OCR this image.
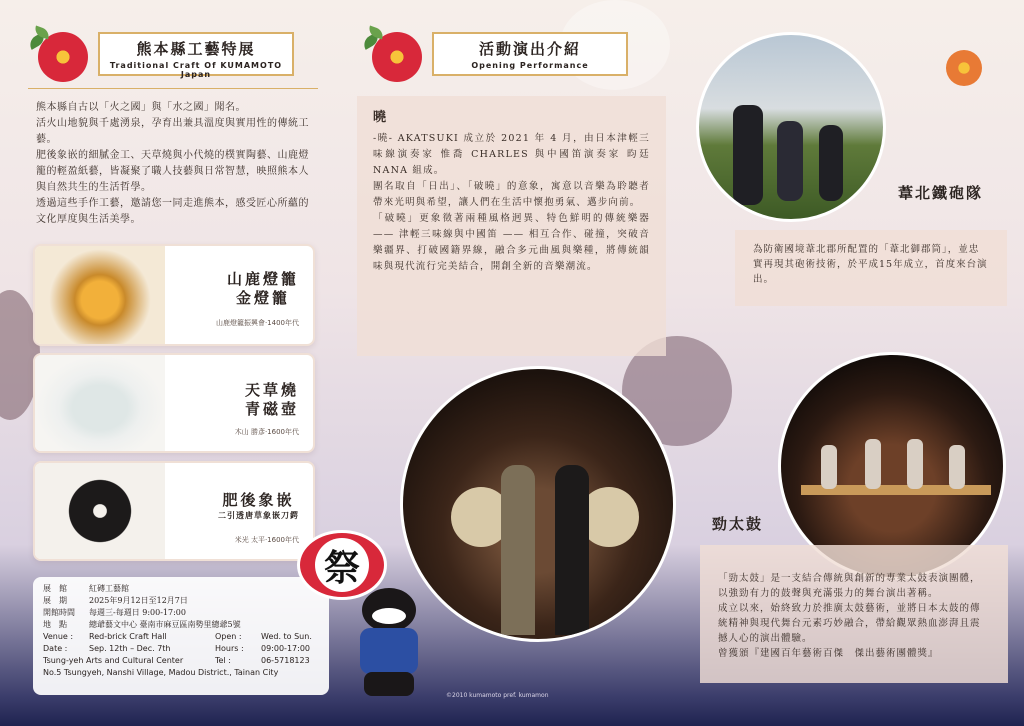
熊本縣工藝特展
Traditional Craft Of KUMAMOTO Japan

熊本縣自古以「火之國」與「水之國」聞名。

活火山地貌與千處湧泉，孕育出兼具溫度與實用性的傳統工藝。

肥後象嵌的細膩金工、天草燒與小代燒的樸實陶藝、山鹿燈籠的輕盈紙藝，皆凝聚了職人技藝與日常智慧，映照熊本人與自然共生的生活哲學。

透過這些手作工藝，邀請您一同走進熊本，感受匠心所蘊的文化厚度與生活美學。

山鹿燈籠
金燈籠
山鹿燈籠振興會·1400年代
天草燒
青磁壺
木山 勝彥·1600年代
肥後象嵌
二引透唐草象嵌刀鍔
米光 太平·1600年代
展　館	紅磚工藝館
展　期	2025年9月12日至12月7日
開館時間	每週三-每週日 9:00-17:00
地　點	總爺藝文中心 臺南市麻豆區南勢里總爺5號
Venue :	Red-brick Craft Hall	Open :	Wed. to Sun.
Date :	Sep. 12th – Dec. 7th	Hours :	09:00-17:00
Tsung-yeh Arts and Cultural Center	Tel :	06-5718123
No.5 Tsungyeh, Nanshi Village, Madou District., Tainan City
祭
活動演出介紹
Opening Performance
曉

-曉- AKATSUKI 成立於 2021 年 4 月，由日本津輕三味線演奏家 惟喬 CHARLES 與中國笛演奏家 昀廷 NANA 組成。

團名取自「日出」、「破曉」的意象，寓意以音樂為聆聽者帶來光明與希望，讓人們在生活中懷抱勇氣、邁步向前。

「破曉」更象徵著兩種風格迥異、特色鮮明的傳統樂器 —— 津輕三味線與中國笛 —— 相互合作、碰撞，突破音樂疆界、打破國籍界線，融合多元曲風與樂種，將傳統韻味與現代流行完美結合，開創全新的音樂潮流。

©2010 kumamoto pref. kumamon
葦北鐵砲隊

為防衛國境葦北郡所配置的「葦北御郡筒」，並忠實再現其砲術技術，於平成15年成立，首度來台演出。

勁太鼓

「勁太鼓」是一支結合傳統與創新的專業太鼓表演團體，以強勁有力的鼓聲與充滿張力的舞台演出著稱。

成立以來，始終致力於推廣太鼓藝術，並將日本太鼓的傳統精神與現代舞台元素巧妙融合，帶給觀眾熱血澎湃且震撼人心的演出體驗。

曾獲頒『建國百年藝術百傑　傑出藝術團體獎』
